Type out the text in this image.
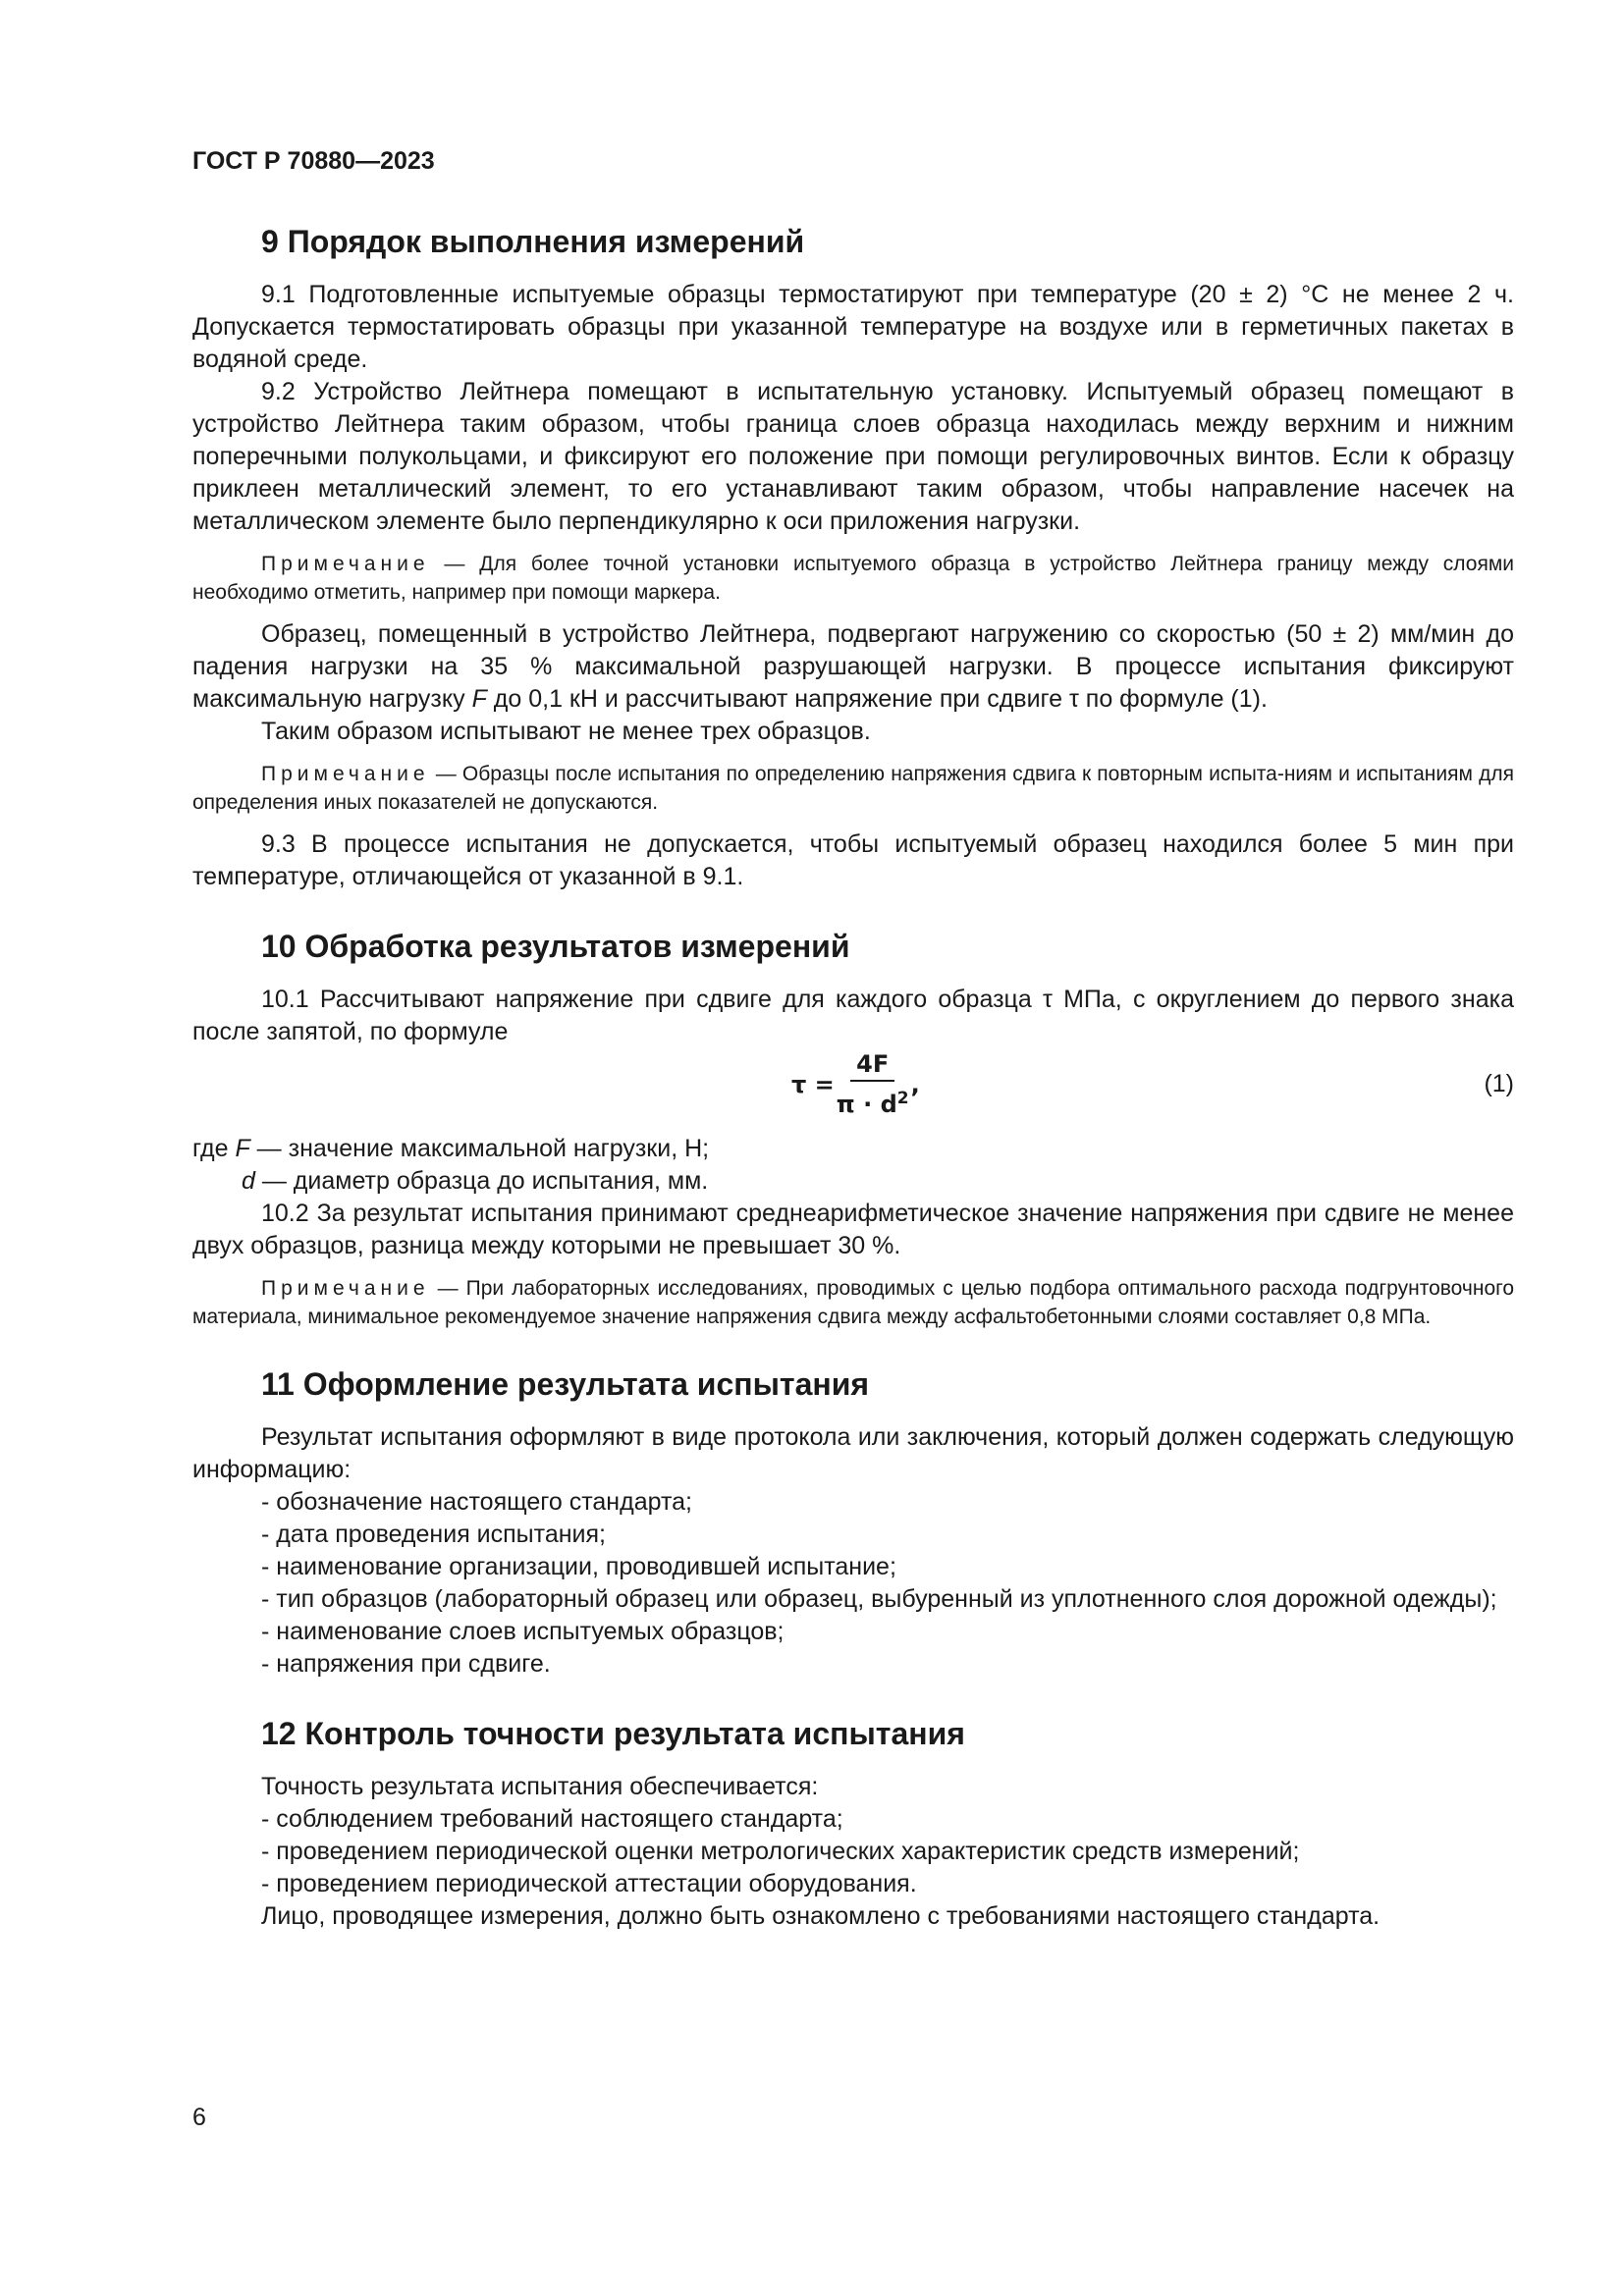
ГОСТ Р 70880—2023
9 Порядок выполнения измерений

9.1 Подготовленные испытуемые образцы термостатируют при температуре (20 ± 2) °С не менее 2 ч. Допускается термостатировать образцы при указанной температуре на воздухе или в герметичных пакетах в водяной среде.

9.2 Устройство Лейтнера помещают в испытательную установку. Испытуемый образец помещают в устройство Лейтнера таким образом, чтобы граница слоев образца находилась между верхним и нижним поперечными полукольцами, и фиксируют его положение при помощи регулировочных винтов. Если к образцу приклеен металлический элемент, то его устанавливают таким образом, чтобы направление насечек на металлическом элементе было перпендикулярно к оси приложения нагрузки.

Примечание — Для более точной установки испытуемого образца в устройство Лейтнера границу между слоями необходимо отметить, например при помощи маркера.

Образец, помещенный в устройство Лейтнера, подвергают нагружению со скоростью (50 ± 2) мм/мин до падения нагрузки на 35 % максимальной разрушающей нагрузки. В процессе испытания фиксируют максимальную нагрузку F до 0,1 кН и рассчитывают напряжение при сдвиге τ по формуле (1).

Таким образом испытывают не менее трех образцов.

Примечание — Образцы после испытания по определению напряжения сдвига к повторным испыта-ниям и испытаниям для определения иных показателей не допускаются.

9.3 В процессе испытания не допускается, чтобы испытуемый образец находился более 5 мин при температуре, отличающейся от указанной в 9.1.

10 Обработка результатов измерений

10.1 Рассчитывают напряжение при сдвиге для каждого образца τ МПа, с округлением до первого знака после запятой, по формуле

$\tau = \frac{4F}{\pi \cdot d^2}$ ,	(1)

где F — значение максимальной нагрузки, Н;

d — диаметр образца до испытания, мм.

10.2 За результат испытания принимают среднеарифметическое значение напряжения при сдвиге не менее двух образцов, разница между которыми не превышает 30 %.

Примечание — При лабораторных исследованиях, проводимых с целью подбора оптимального расхода подгрунтовочного материала, минимальное рекомендуемое значение напряжения сдвига между асфальтобетонными слоями составляет 0,8 МПа.

11 Оформление результата испытания

Результат испытания оформляют в виде протокола или заключения, который должен содержать следующую информацию:

- обозначение настоящего стандарта;

- дата проведения испытания;

- наименование организации, проводившей испытание;

- тип образцов (лабораторный образец или образец, выбуренный из уплотненного слоя дорожной одежды);

- наименование слоев испытуемых образцов;

- напряжения при сдвиге.

12 Контроль точности результата испытания

Точность результата испытания обеспечивается:

- соблюдением требований настоящего стандарта;

- проведением периодической оценки метрологических характеристик средств измерений;

- проведением периодической аттестации оборудования.

Лицо, проводящее измерения, должно быть ознакомлено с требованиями настоящего стандарта.

6
